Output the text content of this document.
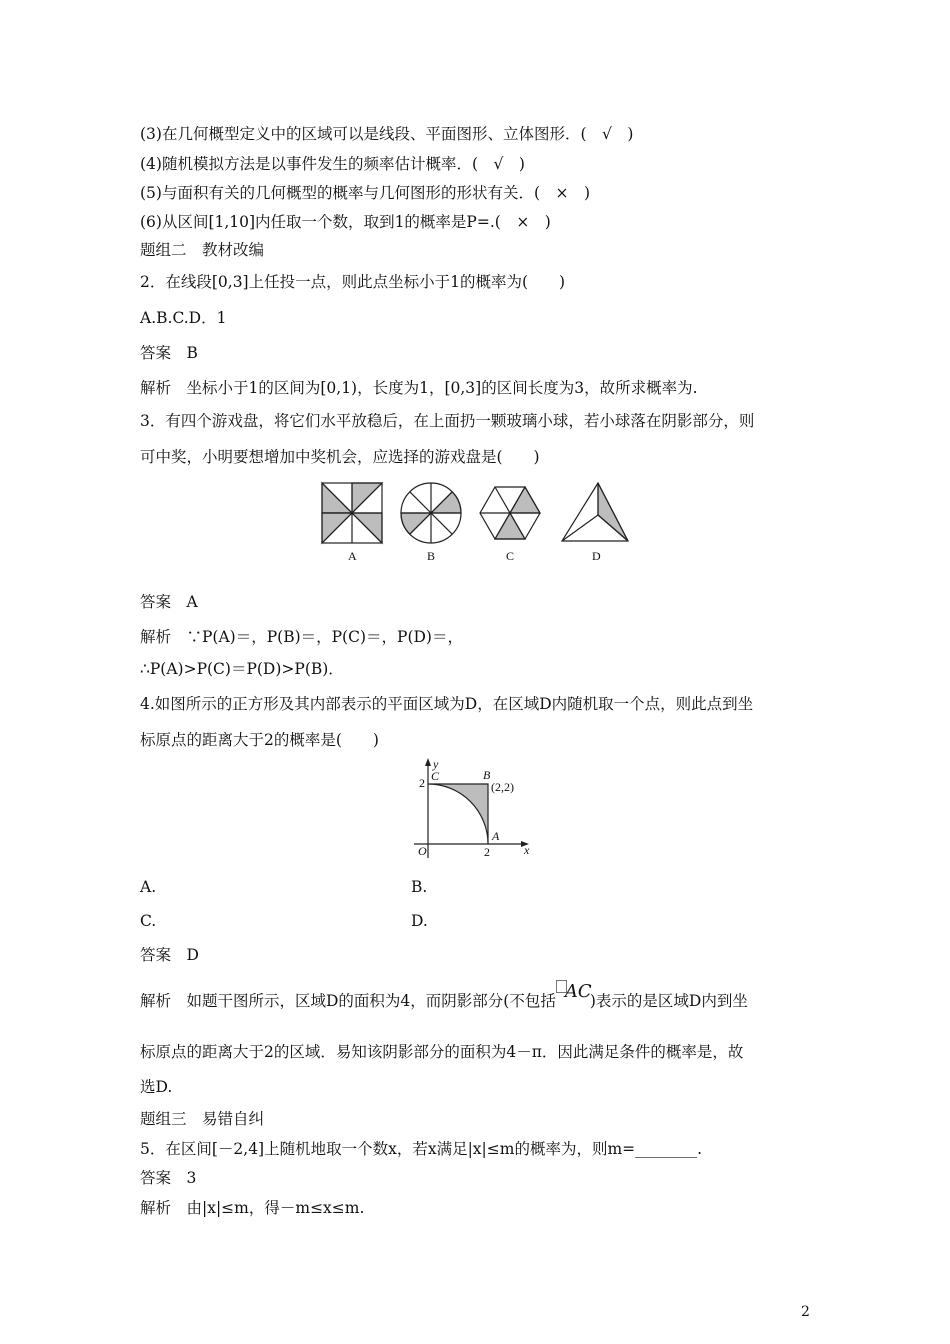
(3)在几何概型定义中的区域可以是线段、平面图形、立体图形．(　√　)
(4)随机模拟方法是以事件发生的频率估计概率．(　√　)
(5)与面积有关的几何概型的概率与几何图形的形状有关．(　×　)
(6)从区间[1,10]内任取一个数，取到1的概率是P=.(　×　)
题组二　教材改编
2．在线段[0,3]上任投一点，则此点坐标小于1的概率为(　　)
A.B.C.D．1
答案　B
解析　坐标小于1的区间为[0,1)，长度为1，[0,3]的区间长度为3，故所求概率为.
3．有四个游戏盘，将它们水平放稳后，在上面扔一颗玻璃小球，若小球落在阴影部分，则
可中奖，小明要想增加中奖机会，应选择的游戏盘是(　　)
A	B	C	D
答案　A
解析　∵P(A)＝，P(B)＝，P(C)＝，P(D)＝，
∴P(A)>P(C)＝P(D)>P(B)．
4.如图所示的正方形及其内部表示的平面区域为D，在区域D内随机取一个点，则此点到坐
标原点的距离大于2的概率是(　　)
y
2 C	B
(2,2)
A
O	2	x
A.	B.
C.	D.
答案　D
解析　如题干图所示，区域D的面积为4，而阴影部分(不包括 AC
)表示的是区域D内到坐
标原点的距离大于2的区域．易知该阴影部分的面积为4－π．因此满足条件的概率是，故
选D.
题组三　易错自纠
5．在区间[－2,4]上随机地取一个数x，若x满足|x|≤m的概率为，则m=________.
答案　3
解析　由|x|≤m，得－m≤x≤m.
2
